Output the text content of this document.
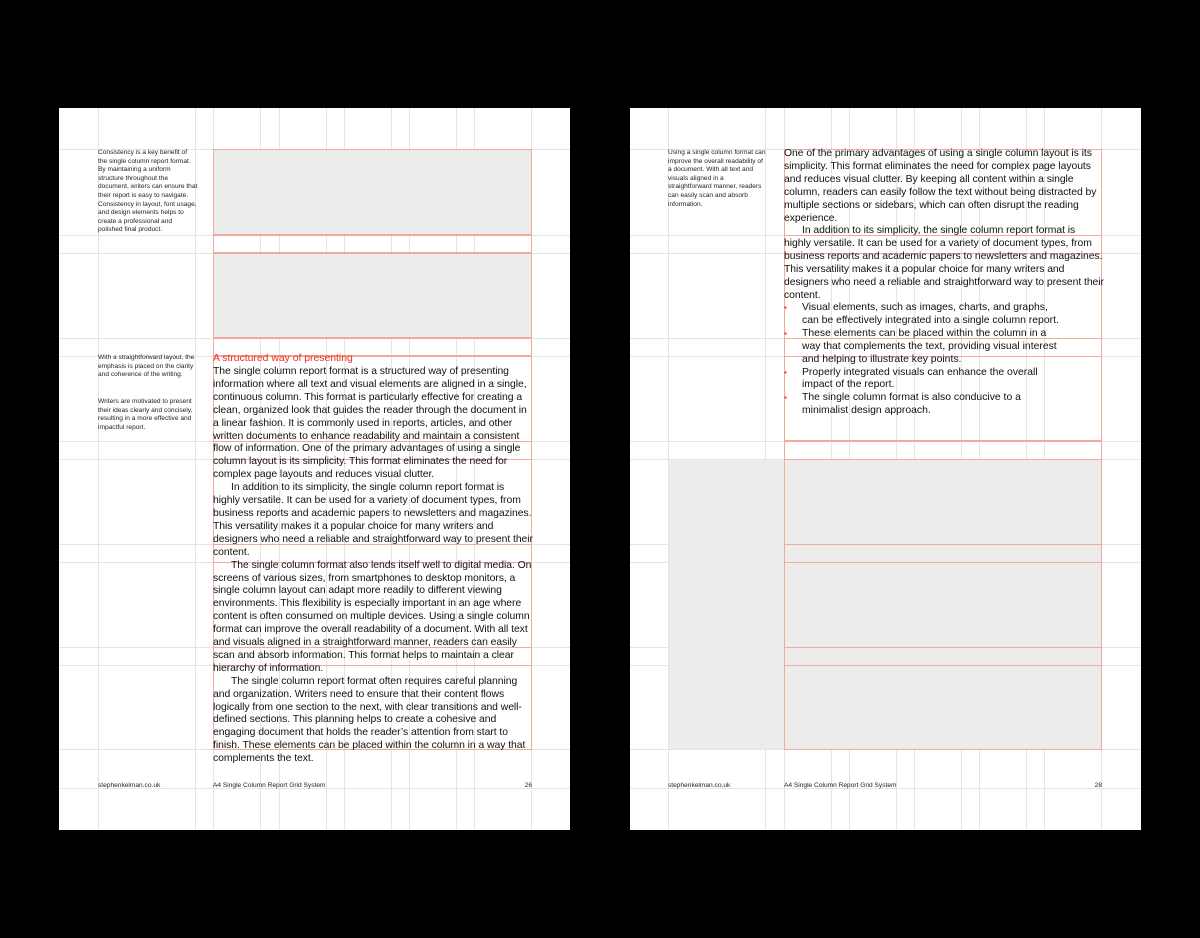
Consistency is a key benefit of the single column report format. By maintaining a uniform structure throughout the document, writers can ensure that their report is easy to navigate. Consistency in layout, font usage, and design elements helps to create a professional and polished final product.

With a straightforward layout, the emphasis is placed on the clarity and coherence of the writing.

Writers are motivated to present their ideas clearly and concisely, resulting in a more effective and impactful report.

A structured way of presenting

The single column report format is a structured way of presenting information where all text and visual elements are aligned in a single, continuous column. This format is particularly effective for creating a clean, organized look that guides the reader through the document in a linear fashion. It is commonly used in reports, articles, and other written documents to enhance readability and maintain a consistent flow of information. One of the primary advantages of using a single column layout is its simplicity. This format eliminates the need for complex page layouts and reduces visual clutter.

In addition to its simplicity, the single column report format is highly versatile. It can be used for a variety of document types, from business reports and academic papers to newsletters and magazines. This versatility makes it a popular choice for many writers and designers who need a reliable and straightforward way to present their content.

The single column format also lends itself well to digital media. On screens of various sizes, from smartphones to desktop monitors, a single column layout can adapt more readily to different viewing environments. This flexibility is especially important in an age where content is often consumed on multiple devices. Using a single column format can improve the overall readability of a document. With all text and visuals aligned in a straightforward manner, readers can easily scan and absorb information. This format helps to maintain a clear hierarchy of information.

The single column report format often requires careful planning and organization. Writers need to ensure that their content flows logically from one section to the next, with clear transitions and well-defined sections. This planning helps to create a cohesive and engaging document that holds the reader’s attention from start to finish. These elements can be placed within the column in a way that complements the text.

stephenkelman.co.uk	A4 Single Column Report Grid System	26

Using a single column format can improve the overall readability of a document. With all text and visuals aligned in a straightforward manner, readers can easily scan and absorb information.

One of the primary advantages of using a single column layout is its simplicity. This format eliminates the need for complex page layouts and reduces visual clutter. By keeping all content within a single column, readers can easily follow the text without being distracted by multiple sections or sidebars, which can often disrupt the reading experience.

In addition to its simplicity, the single column report format is highly versatile. It can be used for a variety of document types, from business reports and academic papers to newsletters and magazines. This versatility makes it a popular choice for many writers and designers who need a reliable and straightforward way to present their content.

▪ Visual elements, such as images, charts, and graphs, can be effectively integrated into a single column report.
▪ These elements can be placed within the column in a way that complements the text, providing visual interest and helping to illustrate key points.
▪ Properly integrated visuals can enhance the overall impact of the report.
▪ The single column format is also conducive to a minimalist design approach.

stephenkelman.co.uk	A4 Single Column Report Grid System	28
